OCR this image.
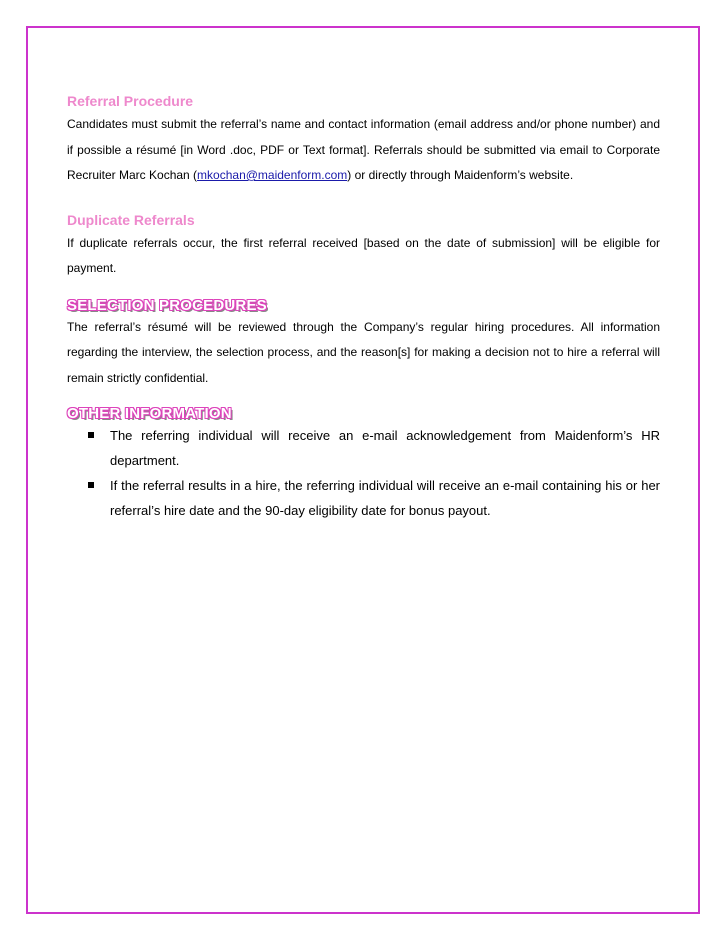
Referral Procedure

Candidates must submit the referral’s name and contact information (email address and/or phone number) and if possible a résumé [in Word .doc, PDF or Text format]. Referrals should be submitted via email to Corporate Recruiter Marc Kochan (mkochan@maidenform.com) or directly through Maidenform’s website.

Duplicate Referrals

If duplicate referrals occur, the first referral received [based on the date of submission] will be eligible for payment.

SELECTION PROCEDURES

The referral’s résumé will be reviewed through the Company’s regular hiring procedures. All information regarding the interview, the selection process, and the reason[s] for making a decision not to hire a referral will remain strictly confidential.

OTHER INFORMATION
The referring individual will receive an e-mail acknowledgement from Maidenform’s HR department.
If the referral results in a hire, the referring individual will receive an e-mail containing his or her referral’s hire date and the 90-day eligibility date for bonus payout.
